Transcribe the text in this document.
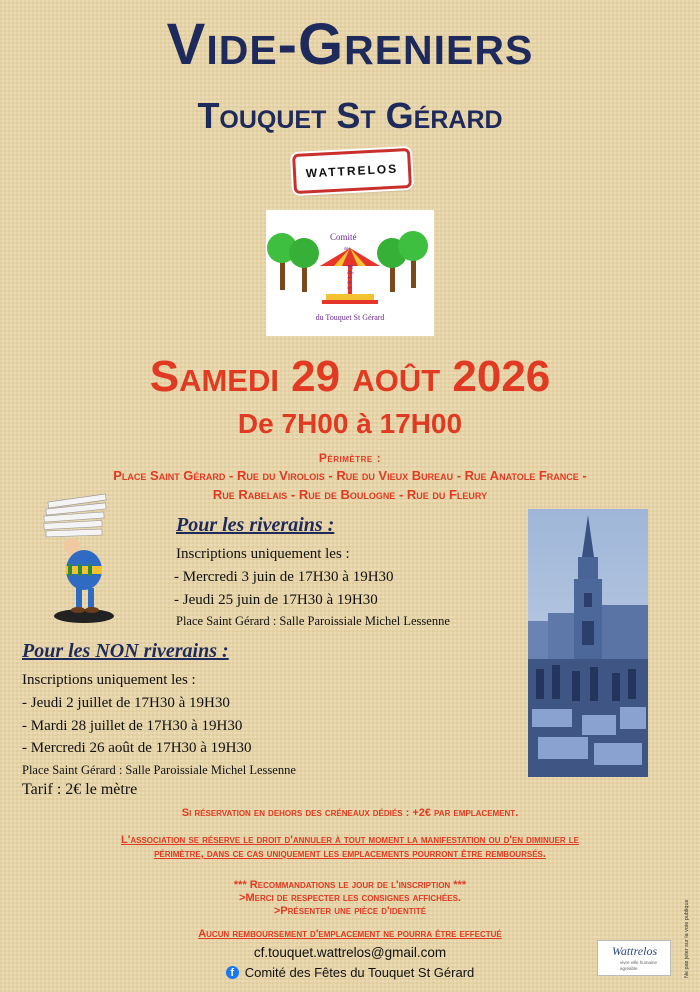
Vide-Greniers
Touquet St Gérard
WATTRELOS
Comité
des
Fêtes
du Touquet St Gérard
Samedi 29 août 2026
De 7H00 à 17H00
Périmètre :
Place Saint Gérard - Rue du Virolois - Rue du Vieux Bureau - Rue Anatole France -
Rue Rabelais - Rue de Boulogne - Rue du Fleury
Pour les riverains :
Inscriptions uniquement les :
- Mercredi 3 juin de 17H30 à 19H30
- Jeudi 25 juin de 17H30 à 19H30
Place Saint Gérard : Salle Paroissiale Michel Lessenne
Pour les NON riverains :
Inscriptions uniquement les :
- Jeudi 2 juillet de 17H30 à 19H30
- Mardi 28 juillet de 17H30 à 19H30
- Mercredi 26 août de 17H30 à 19H30
Place Saint Gérard : Salle Paroissiale Michel Lessenne
Tarif : 2€ le mètre
Si réservation en dehors des créneaux dédiés : +2€ par emplacement.
L'association se réserve le droit d'annuler à tout moment la manifestation ou d'en diminuer le
périmètre, dans ce cas uniquement les emplacements pourront être remboursés.
*** Recommandations le jour de l'inscription ***
>Merci de respecter les consignes affichées.
>Présenter une pièce d'identité
Aucun remboursement d'emplacement ne pourra être effectué
cf.touquet.wattrelos@gmail.com
f Comité des Fêtes du Touquet St Gérard
Wattrelos
vivre ville humaine agréable	Ne pas jeter sur la voie publique
